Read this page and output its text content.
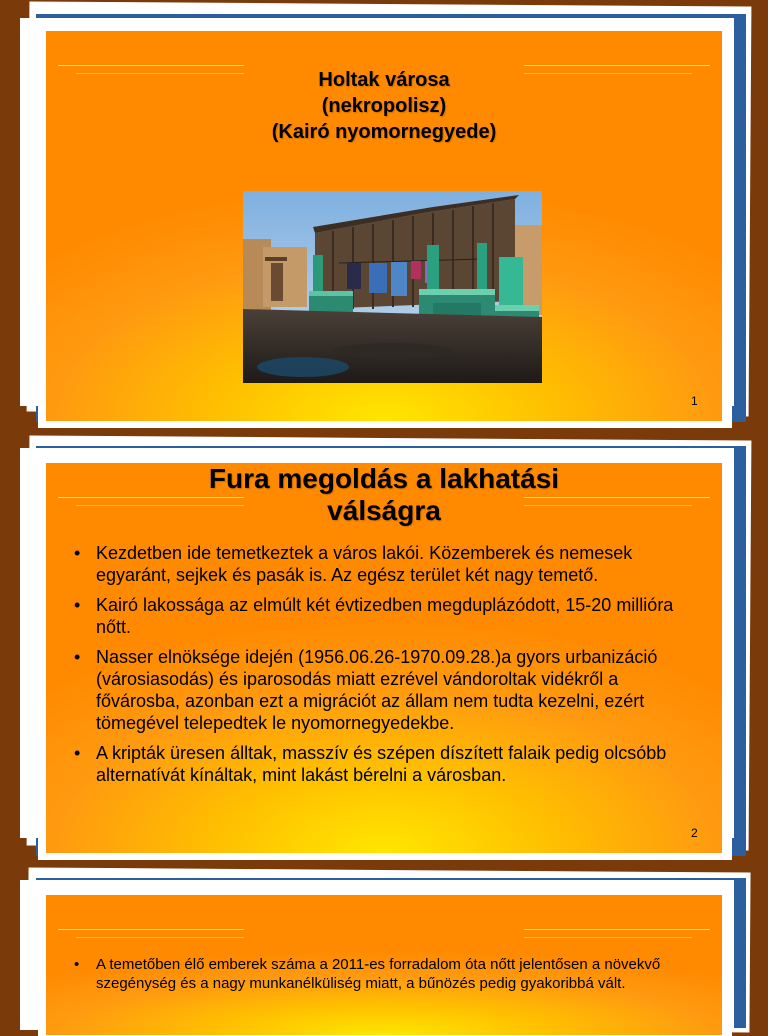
Holtak városa
(nekropolisz)
(Kairó nyomornegyede)
1
Fura megoldás a lakhatási
válságra
• Kezdetben ide temetkeztek a város lakói. Közemberek és nemesek egyaránt, sejkek és pasák is. Az egész terület két nagy temető.
• Kairó lakossága az elmúlt két évtizedben megduplázódott, 15-20 millióra nőtt.
• Nasser elnöksége idején (1956.06.26-1970.09.28.)a gyors urbanizáció (városiasodás) és iparosodás miatt ezrével vándoroltak vidékről a fővárosba, azonban ezt a migrációt az állam nem tudta kezelni, ezért tömegével telepedtek le nyomornegyedekbe.
• A kripták üresen álltak, masszív és szépen díszített falaik pedig olcsóbb alternatívát kínáltak, mint lakást bérelni a városban.
2
• A temetőben élő emberek száma a 2011-es forradalom óta nőtt jelentősen a növekvő szegénység és a nagy munkanélküliség miatt, a bűnözés pedig gyakoribbá vált.
